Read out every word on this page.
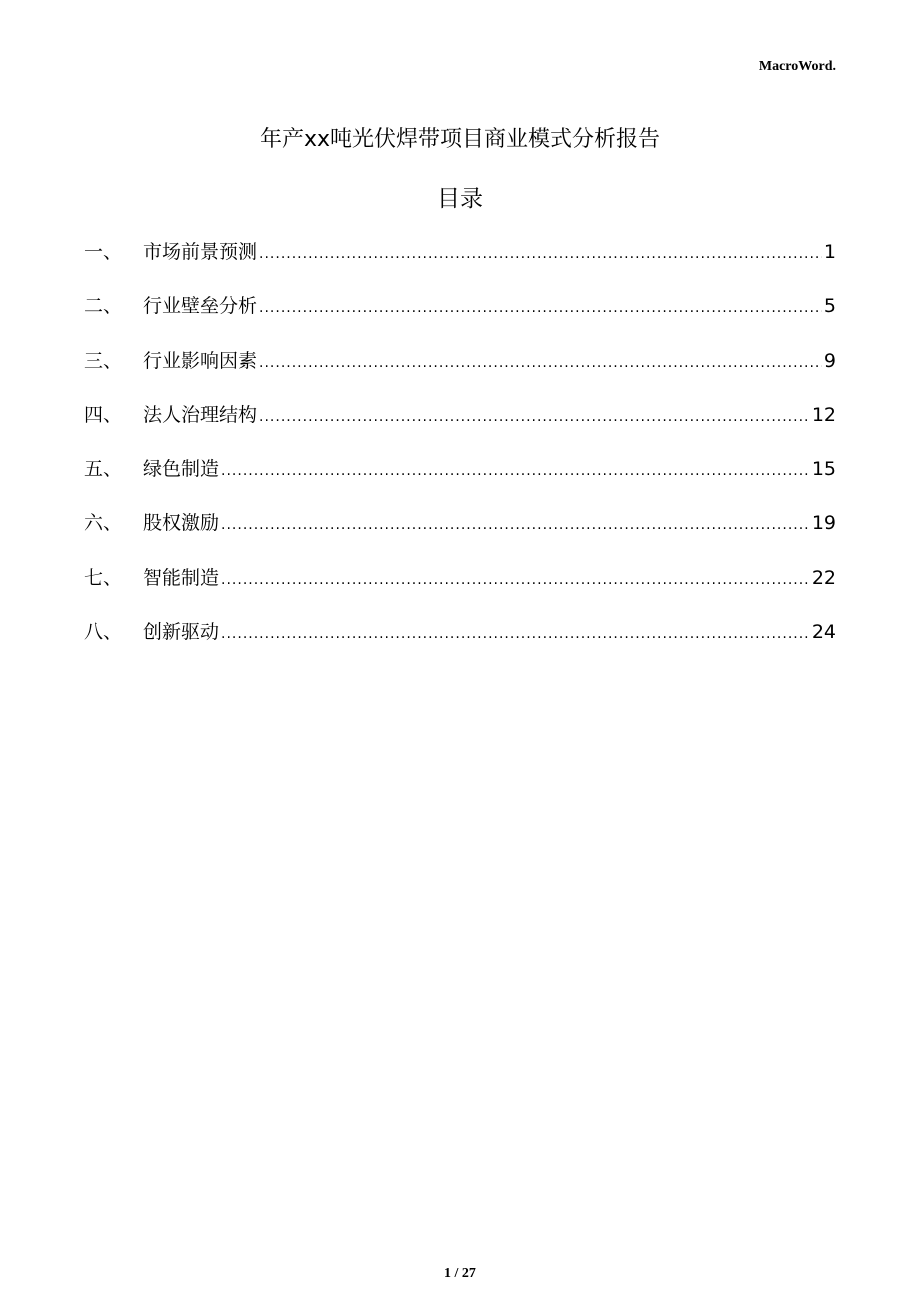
MacroWord.
年产xx吨光伏焊带项目商业模式分析报告
目录
一、	市场前景预测 .....	1
二、	行业壁垒分析 .....	5
三、	行业影响因素 .....	9
四、	法人治理结构 .....	12
五、	绿色制造 .....	15
六、	股权激励 .....	19
七、	智能制造 .....	22
八、	创新驱动 .....	24
1 / 27
